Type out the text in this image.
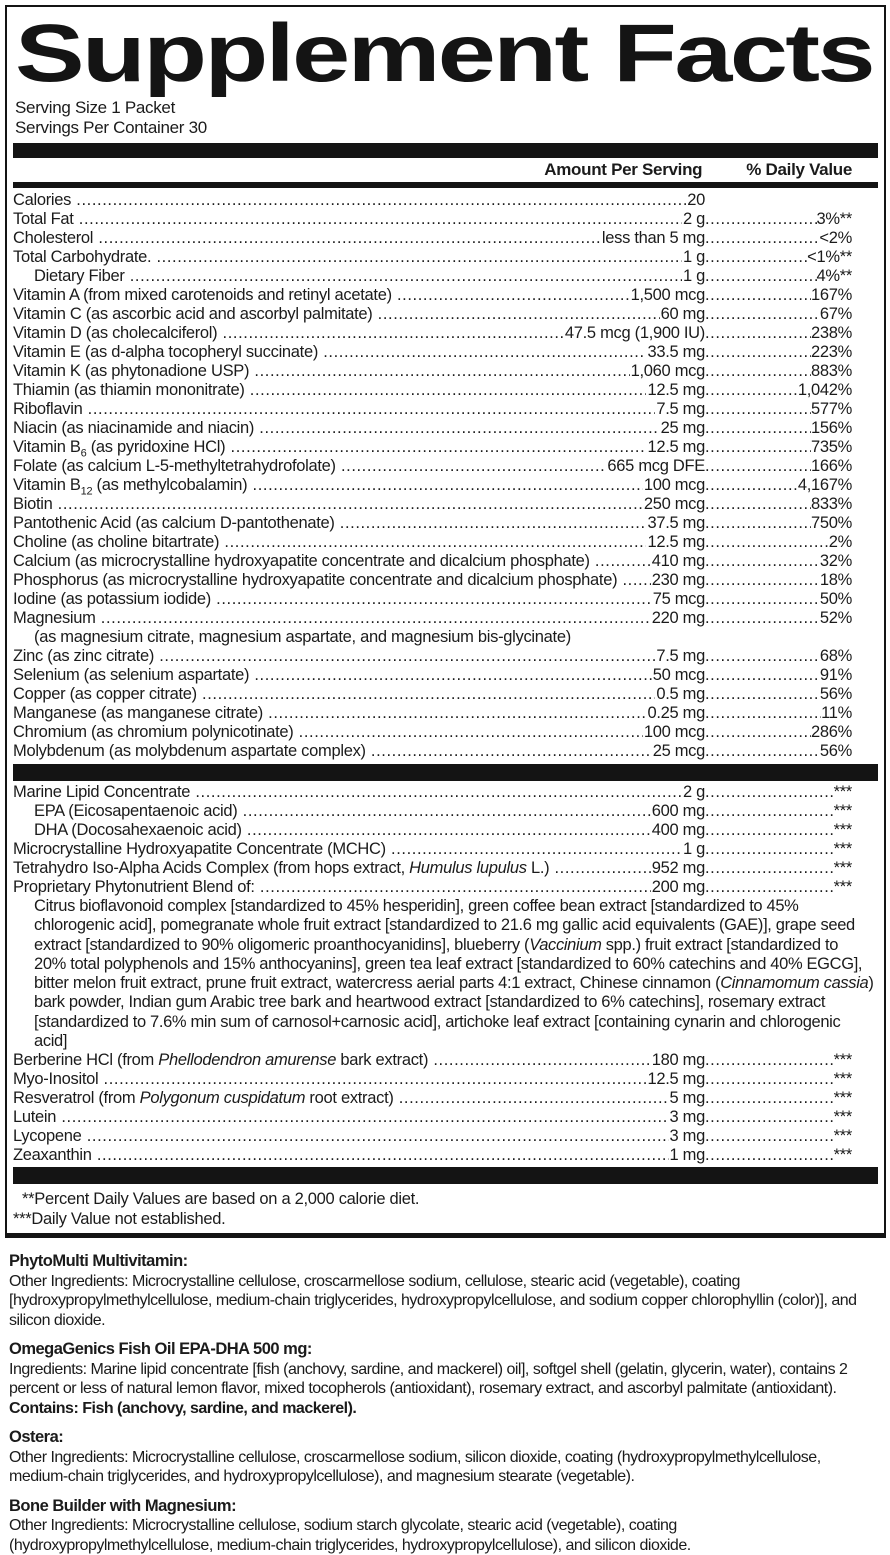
Supplement Facts
Serving Size 1 Packet
Servings Per Container 30
Amount Per Serving	% Daily Value
Calories .....	20
Total Fat .....	2 g .....	3%**
Cholesterol .....	less than 5 mg .....	<2%
Total Carbohydrate. .....	1 g .....	<1%**
Dietary Fiber .....	1 g .....	4%**
Vitamin A (from mixed carotenoids and retinyl acetate) .....	1,500 mcg .....	167%
Vitamin C (as ascorbic acid and ascorbyl palmitate) .....	60 mg .....	67%
Vitamin D (as cholecalciferol) .....	47.5 mcg (1,900 IU) .....	238%
Vitamin E (as d-alpha tocopheryl succinate) .....	33.5 mg .....	223%
Vitamin K (as phytonadione USP) .....	1,060 mcg .....	883%
Thiamin (as thiamin mononitrate) .....	12.5 mg .....	1,042%
Riboflavin .....	7.5 mg .....	577%
Niacin (as niacinamide and niacin) .....	25 mg .....	156%
Vitamin $B_6$ (as pyridoxine HCl) .....	12.5 mg .....	735%
Folate (as calcium L-5-methyltetrahydrofolate) .....	665 mcg DFE .....	166%
Vitamin $B_{12}$ (as methylcobalamin) .....	100 mcg .....	4,167%
Biotin .....	250 mcg .....	833%
Pantothenic Acid (as calcium D-pantothenate) .....	37.5 mg .....	750%
Choline (as choline bitartrate) .....	12.5 mg .....	2%
Calcium (as microcrystalline hydroxyapatite concentrate and dicalcium phosphate) .....	410 mg .....	32%
Phosphorus (as microcrystalline hydroxyapatite concentrate and dicalcium phosphate) .....	230 mg .....	18%
Iodine (as potassium iodide) .....	75 mcg .....	50%
Magnesium .....	220 mg .....	52%
(as magnesium citrate, magnesium aspartate, and magnesium bis-glycinate)
Zinc (as zinc citrate) .....	7.5 mg .....	68%
Selenium (as selenium aspartate) .....	50 mcg .....	91%
Copper (as copper citrate) .....	0.5 mg .....	56%
Manganese (as manganese citrate) .....	0.25 mg .....	11%
Chromium (as chromium polynicotinate) .....	100 mcg .....	286%
Molybdenum (as molybdenum aspartate complex) .....	25 mcg .....	56%
Marine Lipid Concentrate .....	2 g .....	***
EPA (Eicosapentaenoic acid) .....	600 mg .....	***
DHA (Docosahexaenoic acid) .....	400 mg .....	***
Microcrystalline Hydroxyapatite Concentrate (MCHC) .....	1 g .....	***
Tetrahydro Iso-Alpha Acids Complex (from hops extract, Humulus lupulus L.) .....	952 mg .....	***
Proprietary Phytonutrient Blend of: .....	200 mg .....	***
Citrus bioflavonoid complex [standardized to 45% hesperidin], green coffee bean extract [standardized to 45% chlorogenic acid], pomegranate whole fruit extract [standardized to 21.6 mg gallic acid equivalents (GAE)], grape seed extract [standardized to 90% oligomeric proanthocyanidins], blueberry (Vaccinium spp.) fruit extract [standardized to 20% total polyphenols and 15% anthocyanins], green tea leaf extract [standardized to 60% catechins and 40% EGCG], bitter melon fruit extract, prune fruit extract, watercress aerial parts 4:1 extract, Chinese cinnamon (Cinnamomum cassia) bark powder, Indian gum Arabic tree bark and heartwood extract [standardized to 6% catechins], rosemary extract [standardized to 7.6% min sum of carnosol+carnosic acid], artichoke leaf extract [containing cynarin and chlorogenic acid]
Berberine HCl (from Phellodendron amurense bark extract) .....	180 mg .....	***
Myo-Inositol .....	12.5 mg .....	***
Resveratrol (from Polygonum cuspidatum root extract) .....	5 mg .....	***
Lutein .....	3 mg .....	***
Lycopene .....	3 mg .....	***
Zeaxanthin .....	1 mg .....	***
**Percent Daily Values are based on a 2,000 calorie diet.
***Daily Value not established.
PhytoMulti Multivitamin:
Other Ingredients: Microcrystalline cellulose, croscarmellose sodium, cellulose, stearic acid (vegetable), coating [hydroxypropylmethylcellulose, medium-chain triglycerides, hydroxypropylcellulose, and sodium copper chlorophyllin (color)], and silicon dioxide.
OmegaGenics Fish Oil EPA-DHA 500 mg:
Ingredients: Marine lipid concentrate [fish (anchovy, sardine, and mackerel) oil], softgel shell (gelatin, glycerin, water), contains 2 percent or less of natural lemon flavor, mixed tocopherols (antioxidant), rosemary extract, and ascorbyl palmitate (antioxidant). Contains: Fish (anchovy, sardine, and mackerel).
Ostera:
Other Ingredients: Microcrystalline cellulose, croscarmellose sodium, silicon dioxide, coating (hydroxypropylmethylcellulose, medium-chain triglycerides, and hydroxypropylcellulose), and magnesium stearate (vegetable).
Bone Builder with Magnesium:
Other Ingredients: Microcrystalline cellulose, sodium starch glycolate, stearic acid (vegetable), coating (hydroxypropylmethylcellulose, medium-chain triglycerides, hydroxypropylcellulose), and silicon dioxide.
